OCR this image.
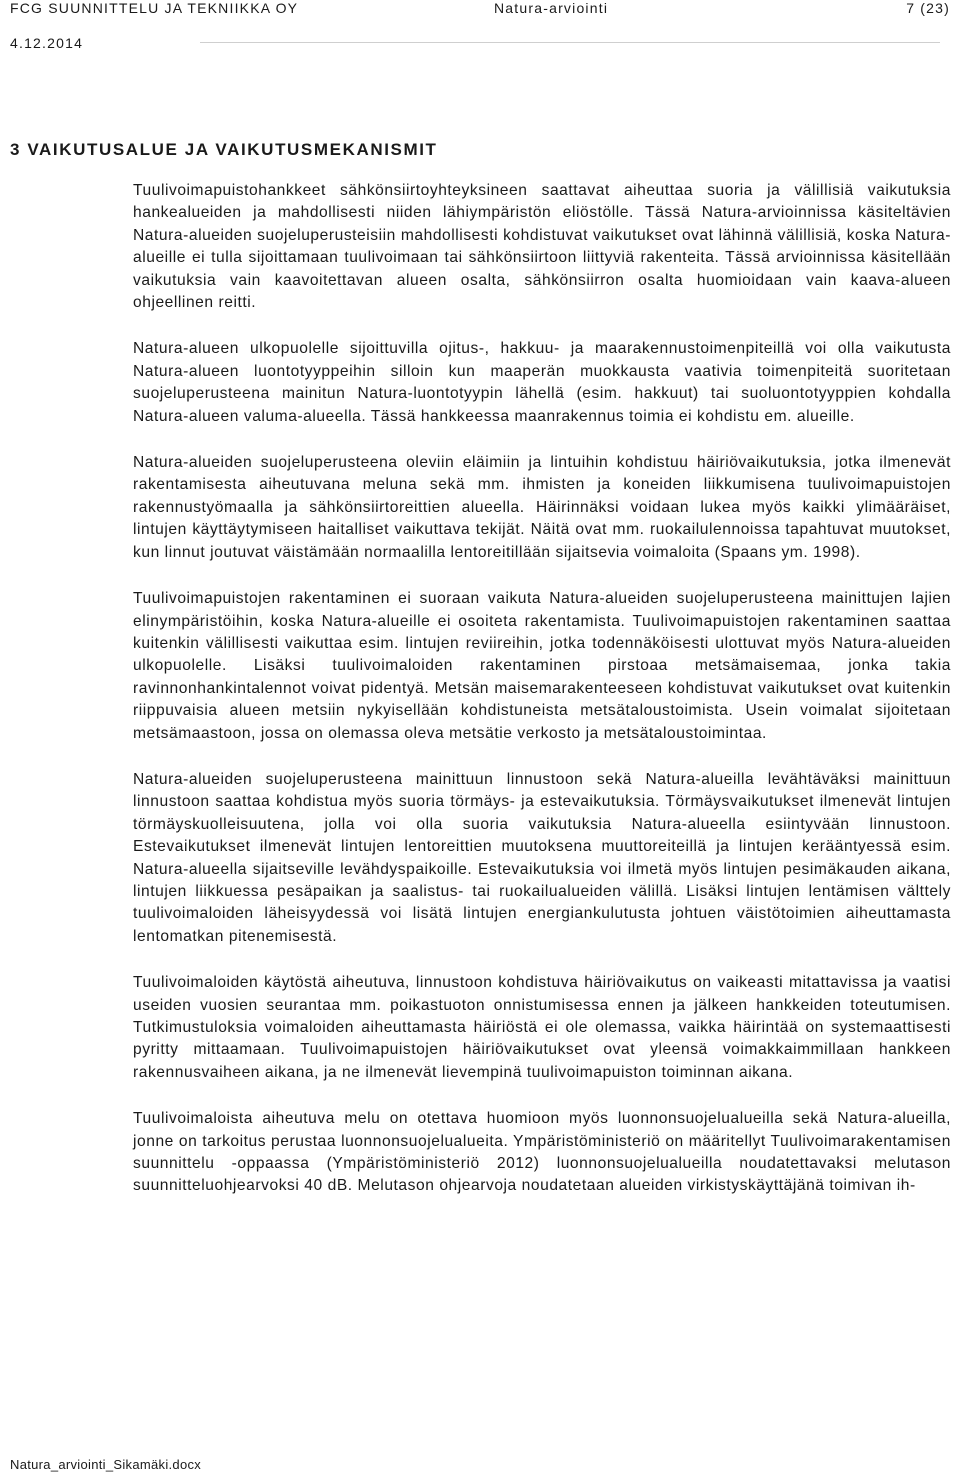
FCG SUUNNITTELU JA TEKNIIKKA OY	Natura-arviointi	7 (23)
4.12.2014
3 VAIKUTUSALUE JA VAIKUTUSMEKANISMIT

Tuulivoimapuistohankkeet sähkönsiirtoyhteyksineen saattavat aiheuttaa suoria ja välillisiä vaikutuksia hankealueiden ja mahdollisesti niiden lähiympäristön eliöstölle. Tässä Natura-arvioinnissa käsiteltävien Natura-alueiden suojeluperusteisiin mahdollisesti kohdistuvat vaikutukset ovat lähinnä välillisiä, koska Natura-alueille ei tulla sijoittamaan tuulivoimaan tai sähkönsiirtoon liittyviä rakenteita. Tässä arvioinnissa käsitellään vaikutuksia vain kaavoitettavan alueen osalta, sähkönsiirron osalta huomioidaan vain kaava-alueen ohjeellinen reitti.

Natura-alueen ulkopuolelle sijoittuvilla ojitus-, hakkuu- ja maarakennustoimenpiteillä voi olla vaikutusta Natura-alueen luontotyyppeihin silloin kun maaperän muokkausta vaativia toimenpiteitä suoritetaan suojeluperusteena mainitun Natura-luontotyypin lähellä (esim. hakkuut) tai suoluontotyyppien kohdalla Natura-alueen valuma-alueella. Tässä hankkeessa maanrakennus toimia ei kohdistu em. alueille.

Natura-alueiden suojeluperusteena oleviin eläimiin ja lintuihin kohdistuu häiriövaikutuksia, jotka ilmenevät rakentamisesta aiheutuvana meluna sekä mm. ihmisten ja koneiden liikkumisena tuulivoimapuistojen rakennustyömaalla ja sähkönsiirtoreittien alueella. Häirinnäksi voidaan lukea myös kaikki ylimääräiset, lintujen käyttäytymiseen haitalliset vaikuttava tekijät. Näitä ovat mm. ruokailulennoissa tapahtuvat muutokset, kun linnut joutuvat väistämään normaalilla lentoreitillään sijaitsevia voimaloita (Spaans ym. 1998).

Tuulivoimapuistojen rakentaminen ei suoraan vaikuta Natura-alueiden suojeluperusteena mainittujen lajien elinympäristöihin, koska Natura-alueille ei osoiteta rakentamista. Tuulivoimapuistojen rakentaminen saattaa kuitenkin välillisesti vaikuttaa esim. lintujen reviireihin, jotka todennäköisesti ulottuvat myös Natura-alueiden ulkopuolelle. Lisäksi tuulivoimaloiden rakentaminen pirstoaa metsämaisemaa, jonka takia ravinnonhankintalennot voivat pidentyä. Metsän maisemarakenteeseen kohdistuvat vaikutukset ovat kuitenkin riippuvaisia alueen metsiin nykyisellään kohdistuneista metsätaloustoimista. Usein voimalat sijoitetaan metsämaastoon, jossa on olemassa oleva metsätie verkosto ja metsätaloustoimintaa.

Natura-alueiden suojeluperusteena mainittuun linnustoon sekä Natura-alueilla levähtäväksi mainittuun linnustoon saattaa kohdistua myös suoria törmäys- ja estevaikutuksia. Törmäysvaikutukset ilmenevät lintujen törmäyskuolleisuutena, jolla voi olla suoria vaikutuksia Natura-alueella esiintyvään linnustoon. Estevaikutukset ilmenevät lintujen lentoreittien muutoksena muuttoreiteillä ja lintujen kerääntyessä esim. Natura-alueella sijaitseville levähdyspaikoille. Estevaikutuksia voi ilmetä myös lintujen pesimäkauden aikana, lintujen liikkuessa pesäpaikan ja saalistus- tai ruokailualueiden välillä. Lisäksi lintujen lentämisen välttely tuulivoimaloiden läheisyydessä voi lisätä lintujen energiankulutusta johtuen väistötoimien aiheuttamasta lentomatkan pitenemisestä.

Tuulivoimaloiden käytöstä aiheutuva, linnustoon kohdistuva häiriövaikutus on vaikeasti mitattavissa ja vaatisi useiden vuosien seurantaa mm. poikastuoton onnistumisessa ennen ja jälkeen hankkeiden toteutumisen. Tutkimustuloksia voimaloiden aiheuttamasta häiriöstä ei ole olemassa, vaikka häirintää on systemaattisesti pyritty mittaamaan. Tuulivoimapuistojen häiriövaikutukset ovat yleensä voimakkaimmillaan hankkeen rakennusvaiheen aikana, ja ne ilmenevät lievempinä tuulivoimapuiston toiminnan aikana.

Tuulivoimaloista aiheutuva melu on otettava huomioon myös luonnonsuojelualueilla sekä Natura-alueilla, jonne on tarkoitus perustaa luonnonsuojelualueita. Ympäristöministeriö on määritellyt Tuulivoimarakentamisen suunnittelu -oppaassa (Ympäristöministeriö 2012) luonnonsuojelualueilla noudatettavaksi melutason suunnitteluohjearvoksi 40 dB. Melutason ohjearvoja noudatetaan alueiden virkistyskäyttäjänä toimivan ih-

Natura_arviointi_Sikamäki.docx
